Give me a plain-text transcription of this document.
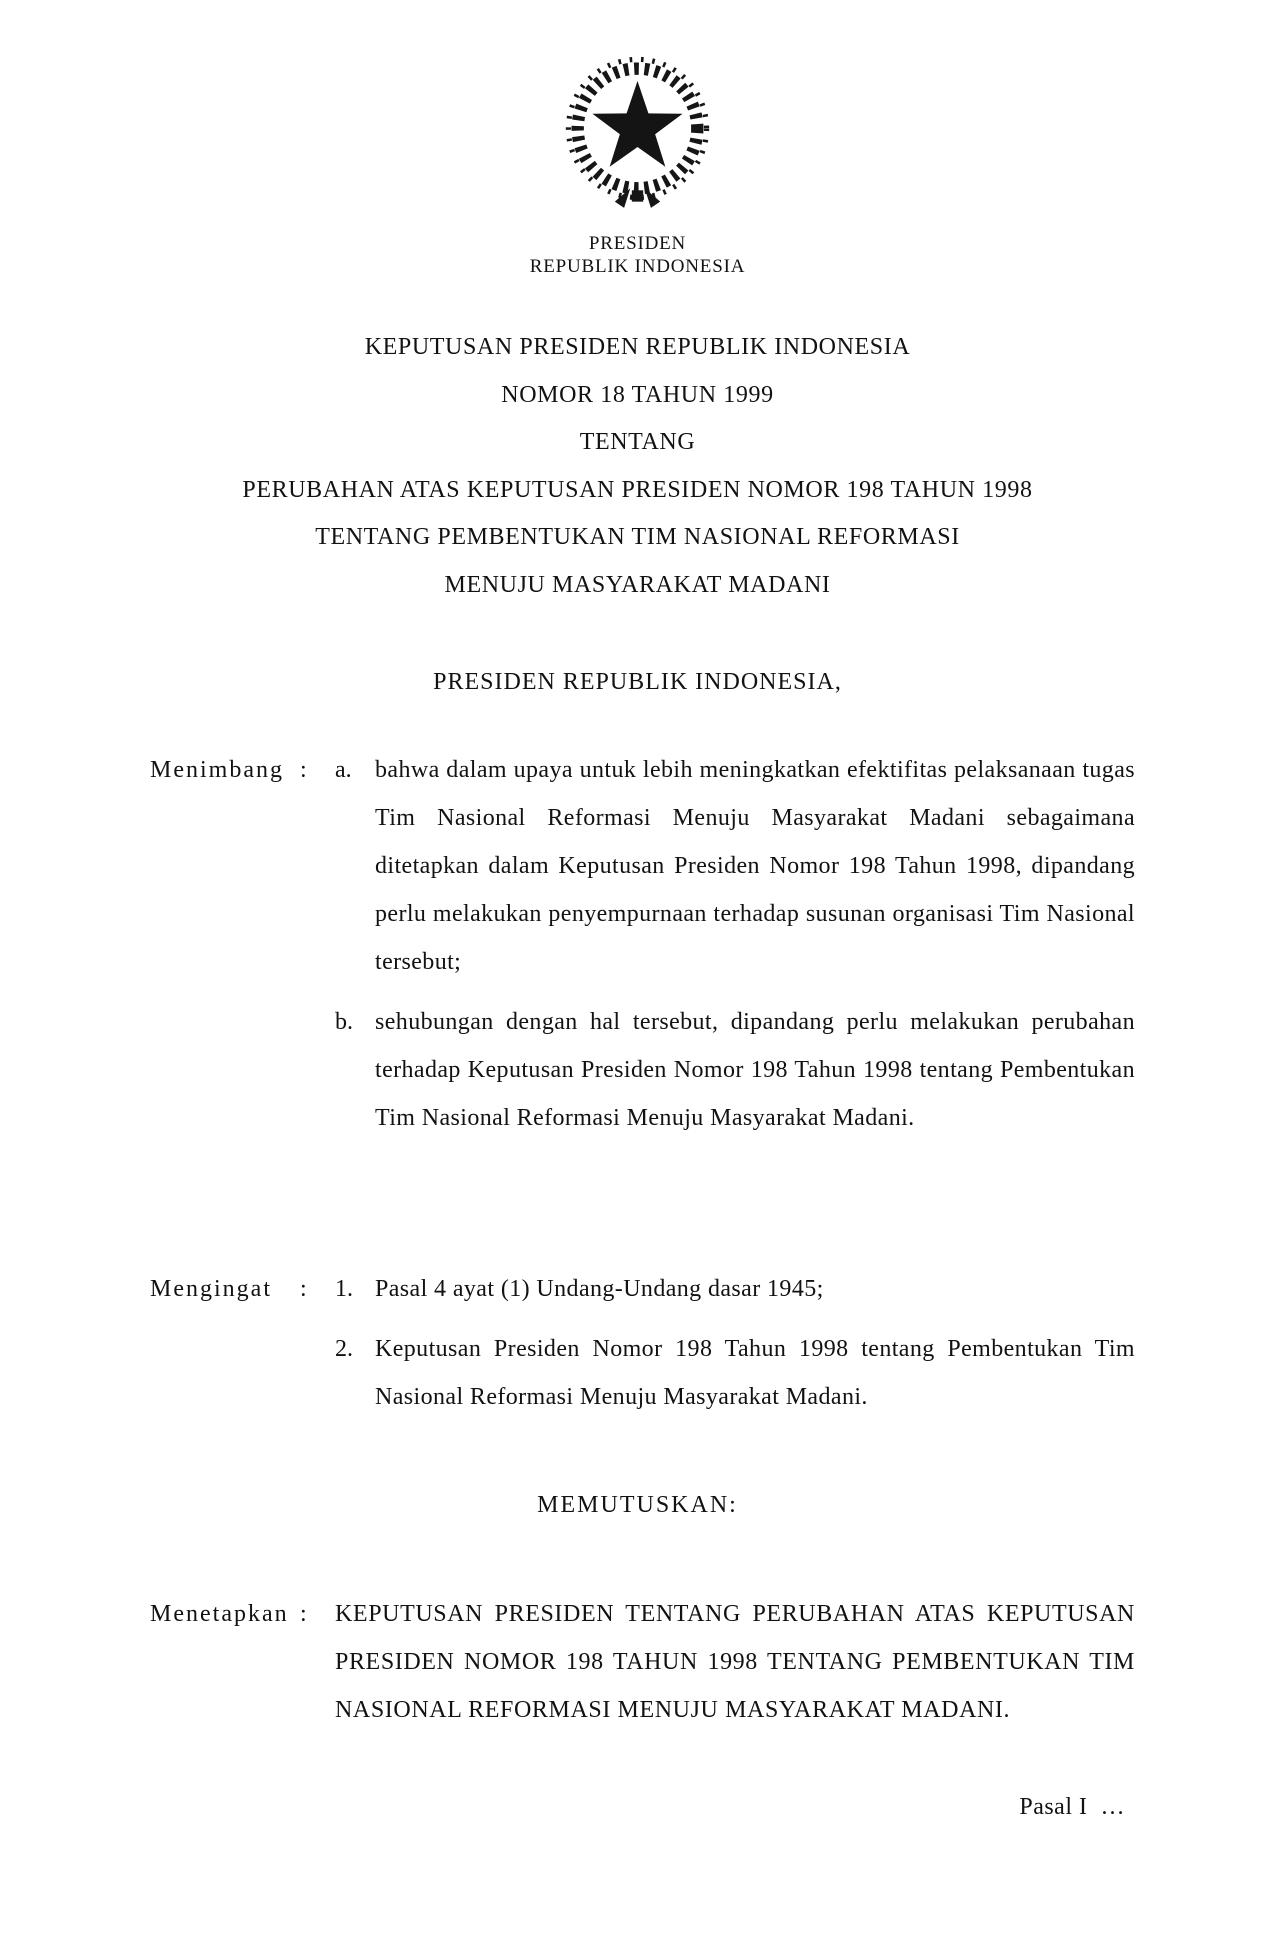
PRESIDEN
REPUBLIK INDONESIA
KEPUTUSAN PRESIDEN REPUBLIK INDONESIA
NOMOR 18 TAHUN 1999
TENTANG
PERUBAHAN ATAS KEPUTUSAN PRESIDEN NOMOR 198 TAHUN 1998
TENTANG PEMBENTUKAN TIM NASIONAL REFORMASI
MENUJU MASYARAKAT MADANI
PRESIDEN REPUBLIK INDONESIA,
Menimbang :	a. bahwa dalam upaya untuk lebih meningkatkan efektifitas pelaksanaan tugas Tim Nasional Reformasi Menuju Masyarakat Madani sebagaimana ditetapkan dalam Keputusan Presiden Nomor 198 Tahun 1998, dipandang perlu melakukan penyempurnaan terhadap susunan organisasi Tim Nasional tersebut;
b. sehubungan dengan hal tersebut, dipandang perlu melakukan perubahan terhadap Keputusan Presiden Nomor 198 Tahun 1998 tentang Pembentukan Tim Nasional Reformasi Menuju Masyarakat Madani.
Mengingat	:	1. Pasal 4 ayat (1) Undang-Undang dasar 1945;
2. Keputusan Presiden Nomor 198 Tahun 1998 tentang Pembentukan Tim Nasional Reformasi Menuju Masyarakat Madani.
MEMUTUSKAN:
Menetapkan :	KEPUTUSAN PRESIDEN TENTANG PERUBAHAN ATAS KEPUTUSAN PRESIDEN NOMOR 198 TAHUN 1998 TENTANG PEMBENTUKAN TIM NASIONAL REFORMASI MENUJU MASYARAKAT MADANI.
Pasal I  …
